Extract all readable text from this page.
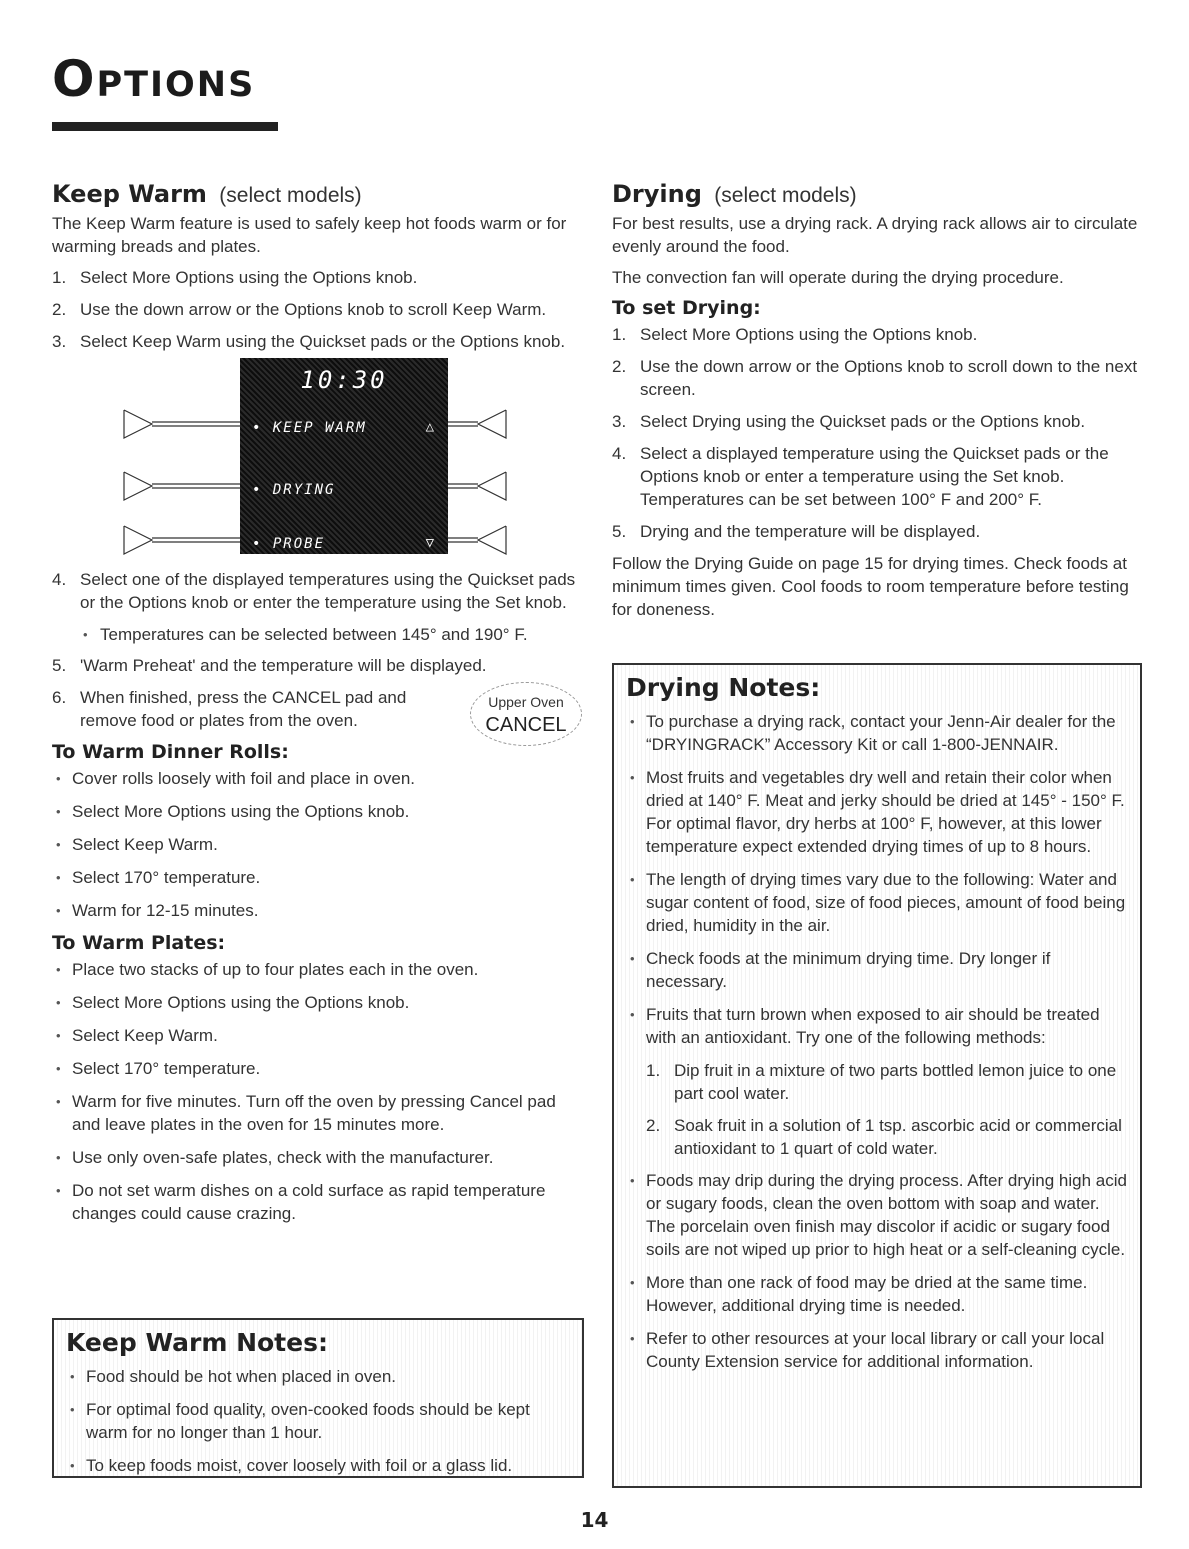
Options
Keep Warm (select models)

The Keep Warm feature is used to safely keep hot foods warm or for warming breads and plates.

1. Select More Options using the Options knob.
2. Use the down arrow or the Options knob to scroll Keep Warm.
3. Select Keep Warm using the Quickset pads or the Options knob.
10:30
• KEEP WARM	△
• DRYING
• PROBE	▽
4. Select one of the displayed temperatures using the Quickset pads or the Options knob or enter the temperature using the Set knob.
• Temperatures can be selected between 145° and 190° F.
5. 'Warm Preheat' and the temperature will be displayed.
6. When finished, press the CANCEL pad and remove food or plates from the oven.
Upper Oven
CANCEL
To Warm Dinner Rolls:
• Cover rolls loosely with foil and place in oven.
• Select More Options using the Options knob.
• Select Keep Warm.
• Select 170° temperature.
• Warm for 12-15 minutes.
To Warm Plates:
• Place two stacks of up to four plates each in the oven.
• Select More Options using the Options knob.
• Select Keep Warm.
• Select 170° temperature.
• Warm for five minutes. Turn off the oven by pressing Cancel pad and leave plates in the oven for 15 minutes more.
• Use only oven-safe plates, check with the manufacturer.
• Do not set warm dishes on a cold surface as rapid temperature changes could cause crazing.
Keep Warm Notes:
• Food should be hot when placed in oven.
• For optimal food quality, oven-cooked foods should be kept warm for no longer than 1 hour.
• To keep foods moist, cover loosely with foil or a glass lid.
Drying (select models)

For best results, use a drying rack. A drying rack allows air to circulate evenly around the food.

The convection fan will operate during the drying procedure.

To set Drying:
1. Select More Options using the Options knob.
2. Use the down arrow or the Options knob to scroll down to the next screen.
3. Select Drying using the Quickset pads or the Options knob.
4. Select a displayed temperature using the Quickset pads or the Options knob or enter a temperature using the Set knob. Temperatures can be set between 100° F and 200° F.
5. Drying and the temperature will be displayed.

Follow the Drying Guide on page 15 for drying times. Check foods at minimum times given. Cool foods to room temperature before testing for doneness.

Drying Notes:
• To purchase a drying rack, contact your Jenn-Air dealer for the “DRYINGRACK” Accessory Kit or call 1-800-JENNAIR.
• Most fruits and vegetables dry well and retain their color when dried at 140° F. Meat and jerky should be dried at 145° - 150° F. For optimal flavor, dry herbs at 100° F, however, at this lower temperature expect extended drying times of up to 8 hours.
• The length of drying times vary due to the following: Water and sugar content of food, size of food pieces, amount of food being dried, humidity in the air.
• Check foods at the minimum drying time. Dry longer if necessary.
• Fruits that turn brown when exposed to air should be treated with an antioxidant. Try one of the following methods:
1. Dip fruit in a mixture of two parts bottled lemon juice to one part cool water.
2. Soak fruit in a solution of 1 tsp. ascorbic acid or commercial antioxidant to 1 quart of cold water.
• Foods may drip during the drying process. After drying high acid or sugary foods, clean the oven bottom with soap and water. The porcelain oven finish may discolor if acidic or sugary food soils are not wiped up prior to high heat or a self-cleaning cycle.
• More than one rack of food may be dried at the same time. However, additional drying time is needed.
• Refer to other resources at your local library or call your local County Extension service for additional information.
14
